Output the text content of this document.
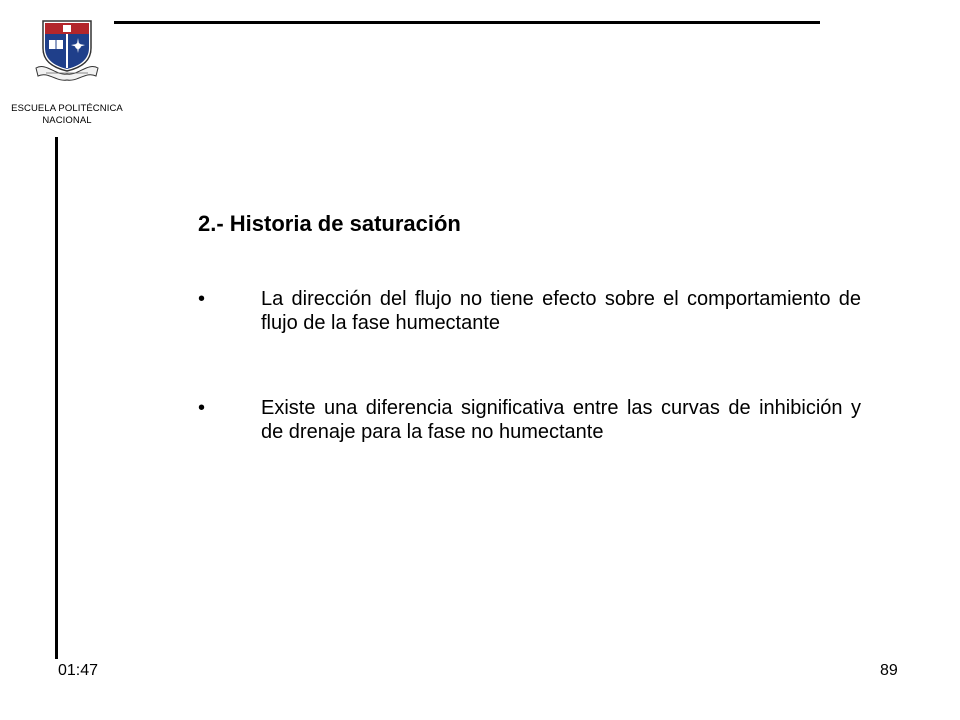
ESCUELA POLITÉCNICA
NACIONAL
2.- Historia de saturación
•	La dirección del flujo no tiene efecto sobre el comportamiento de flujo de la fase humectante
•	Existe una diferencia significativa entre las curvas de inhibición y de drenaje para la fase no humectante
01:47	89
